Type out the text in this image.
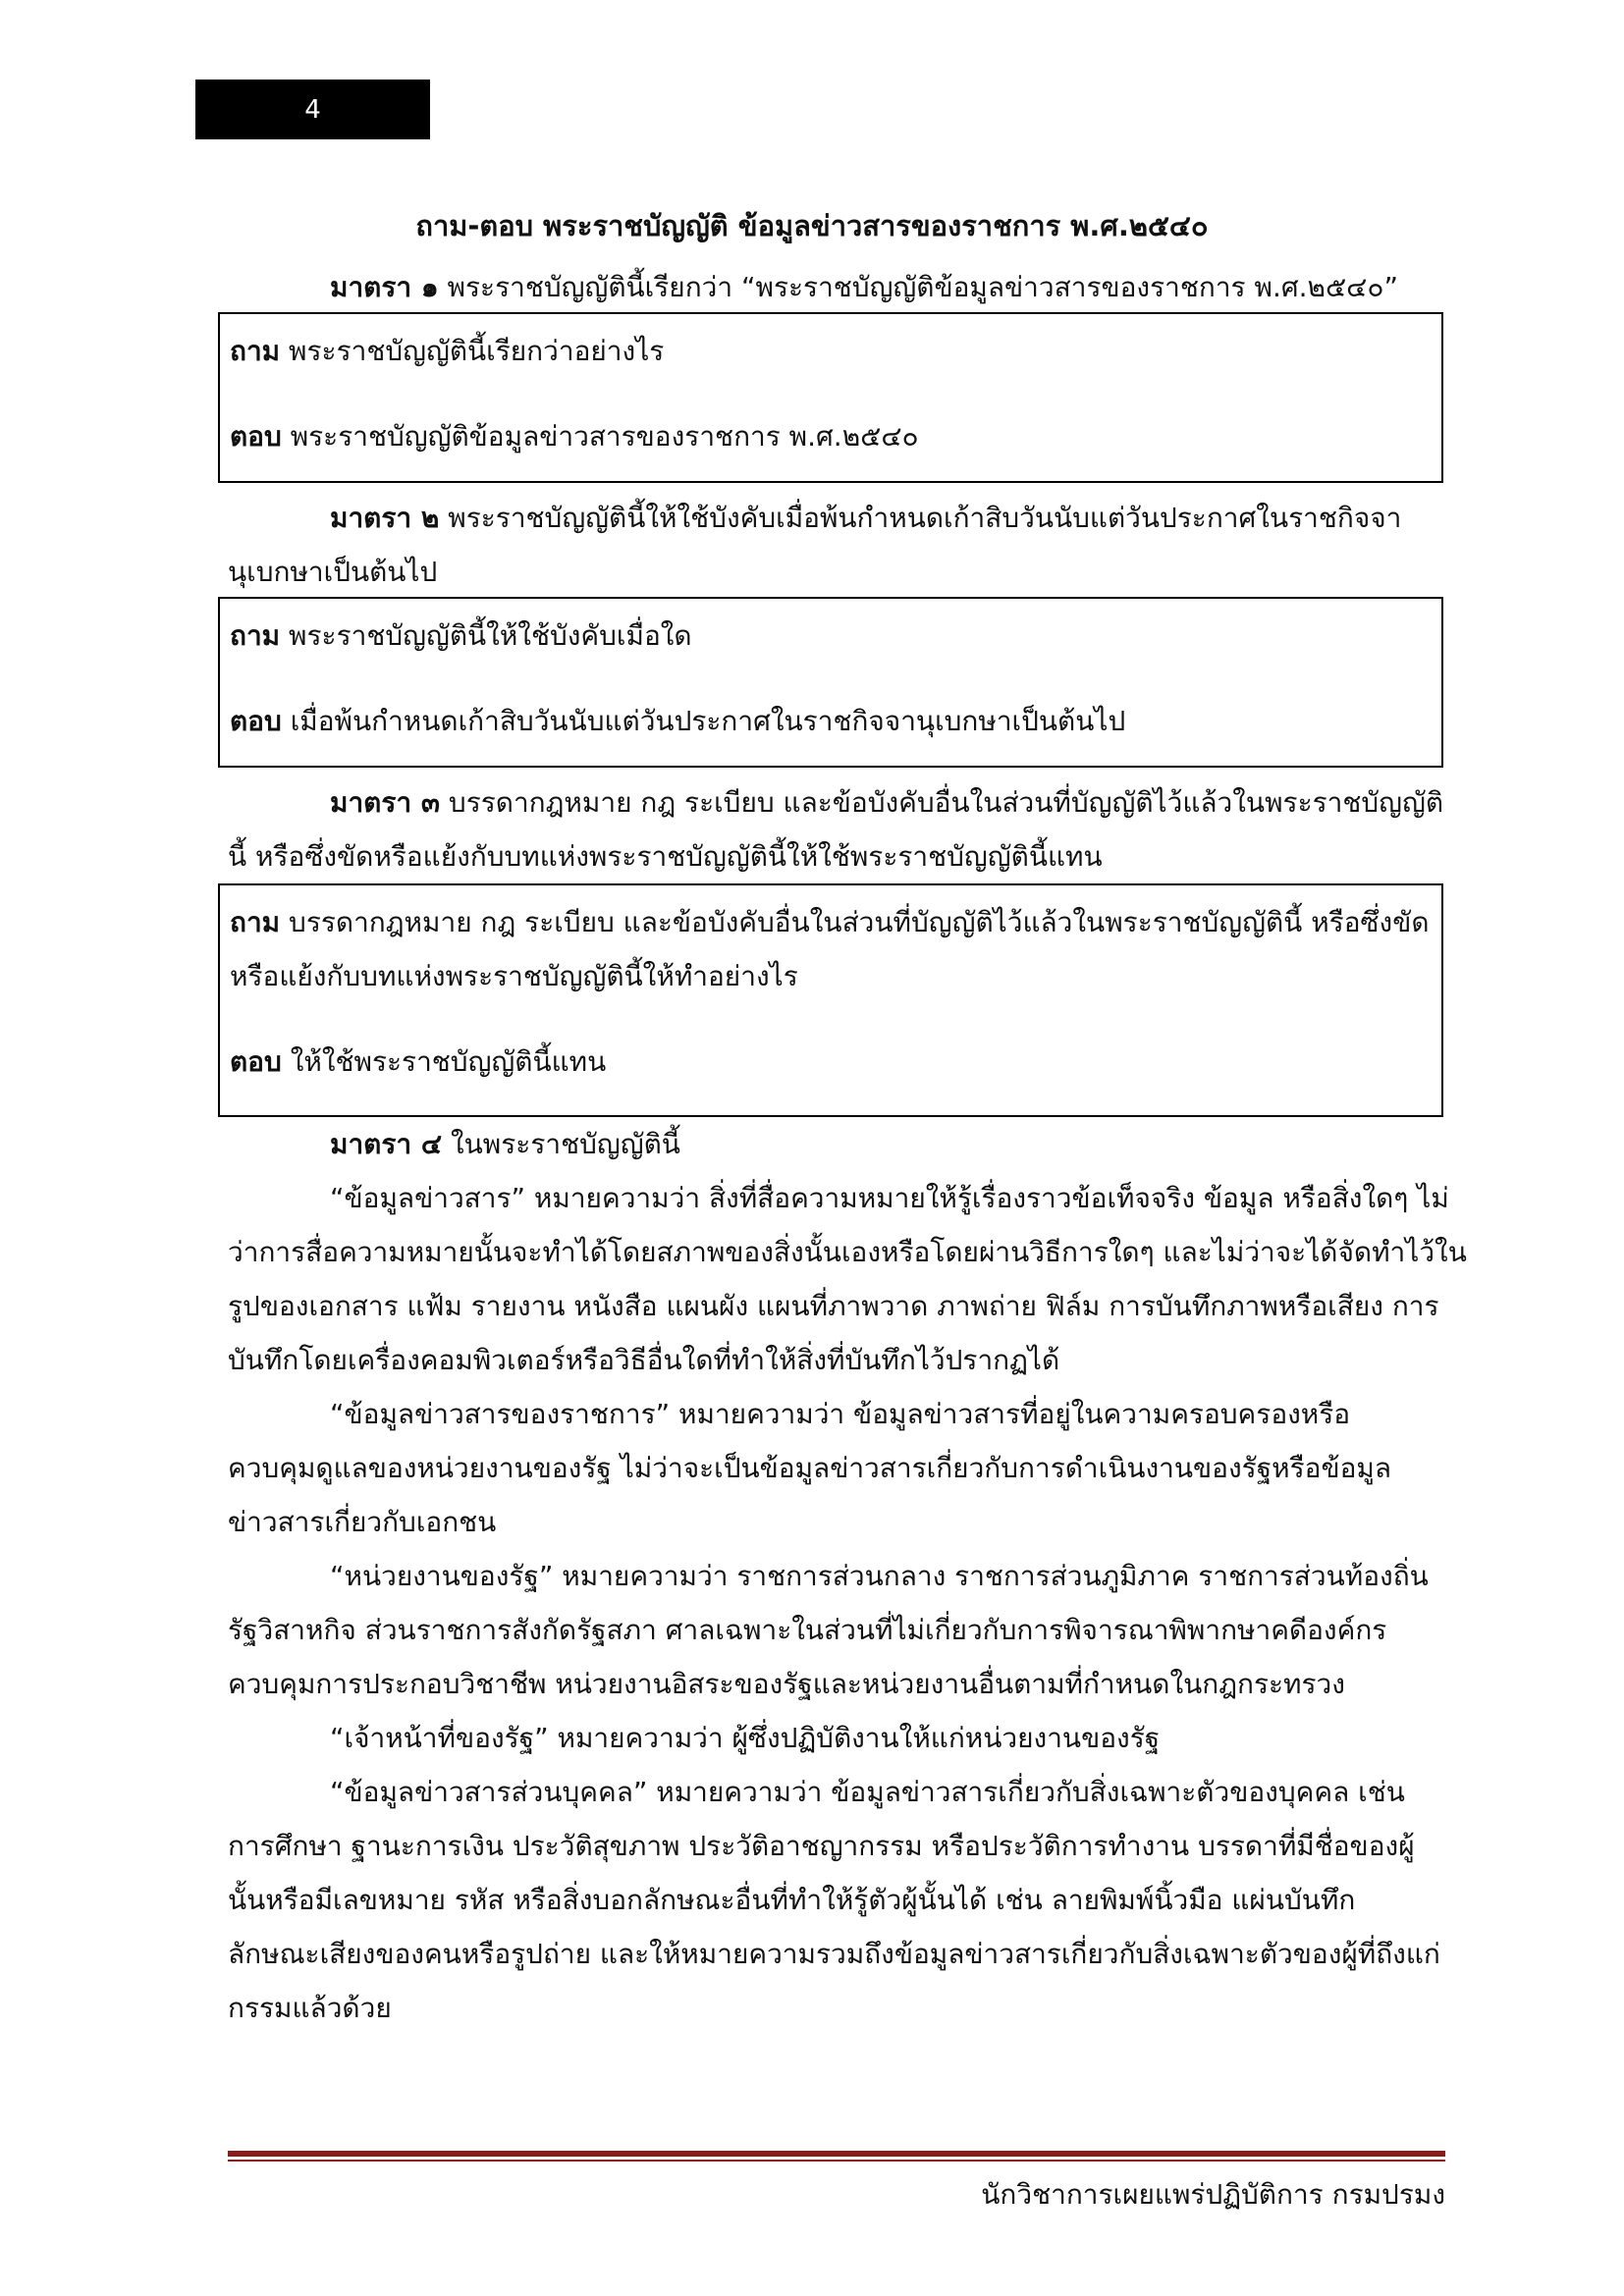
4
ถาม-ตอบ พระราชบัญญัติ ข้อมูลข่าวสารของราชการ พ.ศ.๒๕๔๐
มาตรา ๑ พระราชบัญญัตินี้เรียกว่า “พระราชบัญญัติข้อมูลข่าวสารของราชการ พ.ศ.๒๕๔๐”
ถาม พระราชบัญญัตินี้เรียกว่าอย่างไร
ตอบ พระราชบัญญัติข้อมูลข่าวสารของราชการ พ.ศ.๒๕๔๐
มาตรา ๒ พระราชบัญญัตินี้ให้ใช้บังคับเมื่อพ้นกำหนดเก้าสิบวันนับแต่วันประกาศในราชกิจจา
นุเบกษาเป็นต้นไป
ถาม พระราชบัญญัตินี้ให้ใช้บังคับเมื่อใด
ตอบ เมื่อพ้นกำหนดเก้าสิบวันนับแต่วันประกาศในราชกิจจานุเบกษาเป็นต้นไป
มาตรา ๓ บรรดากฎหมาย กฎ ระเบียบ และข้อบังคับอื่นในส่วนที่บัญญัติไว้แล้วในพระราชบัญญัติ
นี้ หรือซึ่งขัดหรือแย้งกับบทแห่งพระราชบัญญัตินี้ให้ใช้พระราชบัญญัตินี้แทน
ถาม บรรดากฎหมาย กฎ ระเบียบ และข้อบังคับอื่นในส่วนที่บัญญัติไว้แล้วในพระราชบัญญัตินี้ หรือซึ่งขัด
หรือแย้งกับบทแห่งพระราชบัญญัตินี้ให้ทำอย่างไร
ตอบ ให้ใช้พระราชบัญญัตินี้แทน
มาตรา ๔ ในพระราชบัญญัตินี้
“ข้อมูลข่าวสาร” หมายความว่า สิ่งที่สื่อความหมายให้รู้เรื่องราวข้อเท็จจริง ข้อมูล หรือสิ่งใดๆ ไม่
ว่าการสื่อความหมายนั้นจะทำได้โดยสภาพของสิ่งนั้นเองหรือโดยผ่านวิธีการใดๆ และไม่ว่าจะได้จัดทำไว้ใน
รูปของเอกสาร แฟ้ม รายงาน หนังสือ แผนผัง แผนที่ภาพวาด ภาพถ่าย ฟิล์ม การบันทึกภาพหรือเสียง การ
บันทึกโดยเครื่องคอมพิวเตอร์หรือวิธีอื่นใดที่ทำให้สิ่งที่บันทึกไว้ปรากฏได้
“ข้อมูลข่าวสารของราชการ” หมายความว่า ข้อมูลข่าวสารที่อยู่ในความครอบครองหรือ
ควบคุมดูแลของหน่วยงานของรัฐ ไม่ว่าจะเป็นข้อมูลข่าวสารเกี่ยวกับการดำเนินงานของรัฐหรือข้อมูล
ข่าวสารเกี่ยวกับเอกชน
“หน่วยงานของรัฐ” หมายความว่า ราชการส่วนกลาง ราชการส่วนภูมิภาค ราชการส่วนท้องถิ่น
รัฐวิสาหกิจ ส่วนราชการสังกัดรัฐสภา ศาลเฉพาะในส่วนที่ไม่เกี่ยวกับการพิจารณาพิพากษาคดีองค์กร
ควบคุมการประกอบวิชาชีพ หน่วยงานอิสระของรัฐและหน่วยงานอื่นตามที่กำหนดในกฎกระทรวง
“เจ้าหน้าที่ของรัฐ” หมายความว่า ผู้ซึ่งปฏิบัติงานให้แก่หน่วยงานของรัฐ
“ข้อมูลข่าวสารส่วนบุคคล” หมายความว่า ข้อมูลข่าวสารเกี่ยวกับสิ่งเฉพาะตัวของบุคคล เช่น
การศึกษา ฐานะการเงิน ประวัติสุขภาพ ประวัติอาชญากรรม หรือประวัติการทำงาน บรรดาที่มีชื่อของผู้
นั้นหรือมีเลขหมาย รหัส หรือสิ่งบอกลักษณะอื่นที่ทำให้รู้ตัวผู้นั้นได้ เช่น ลายพิมพ์นิ้วมือ แผ่นบันทึก
ลักษณะเสียงของคนหรือรูปถ่าย และให้หมายความรวมถึงข้อมูลข่าวสารเกี่ยวกับสิ่งเฉพาะตัวของผู้ที่ถึงแก่
กรรมแล้วด้วย
นักวิชาการเผยแพร่ปฏิบัติการ กรมปรมง
